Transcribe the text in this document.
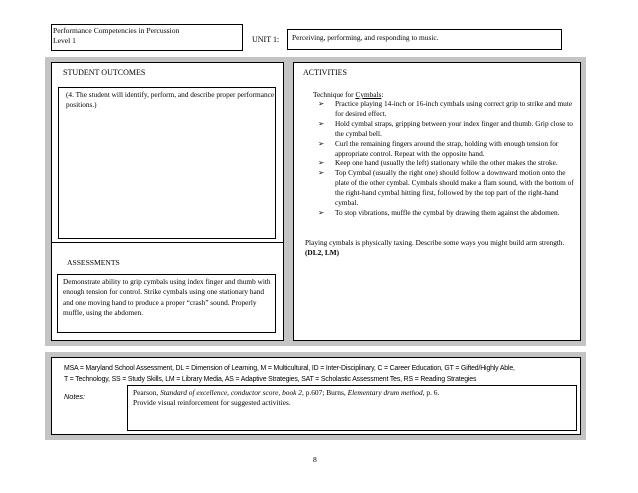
Performance Competencies in Percussion
Level 1	UNIT 1:	Perceiving, performing, and responding to music.
STUDENT OUTCOMES	ACTIVITIES
(4. The student will identify, perform, and describe proper performance positions.)
ASSESSMENTS
Demonstrate ability to grip cymbals using index finger and thumb with enough tension for control. Strike cymbals using one stationary hand and one moving hand to produce a proper “crash” sound. Properly muffle, using the abdomen.
Technique for Cymbals:
➢ Practice playing 14-inch or 16-inch cymbals using correct grip to strike and mute for desired effect.
➢ Hold cymbal straps, gripping between your index finger and thumb. Grip close to the cymbal bell.
➢ Curl the remaining fingers around the strap, holding with enough tension for appropriate control. Repeat with the opposite hand.
➢ Keep one hand (usually the left) stationary while the other makes the stroke.
➢ Top Cymbal (usually the right one) should follow a downward motion onto the plate of the other cymbal. Cymbals should make a flam sound, with the bottom of the right-hand cymbal hitting first, followed by the top part of the right-hand cymbal.
➢ To stop vibrations, muffle the cymbal by drawing them against the abdomen.
Playing cymbals is physically taxing. Describe some ways you might build arm strength. (DL2, LM)
MSA = Maryland School Assessment, DL = Dimension of Learning, M = Multicultural, ID = Inter-Disciplinary, C = Career Education, GT = Gifted/Highly Able,
T = Technology, SS = Study Skills, LM = Library Media, AS = Adaptive Strategies, SAT = Scholastic Assessment Tes, RS = Reading Strategies
Notes:	Pearson, Standard of excellence, conductor score, book 2, p.607; Burns, Elementary drum method, p. 6.
Provide visual reinforcement for suggested activities.
8
